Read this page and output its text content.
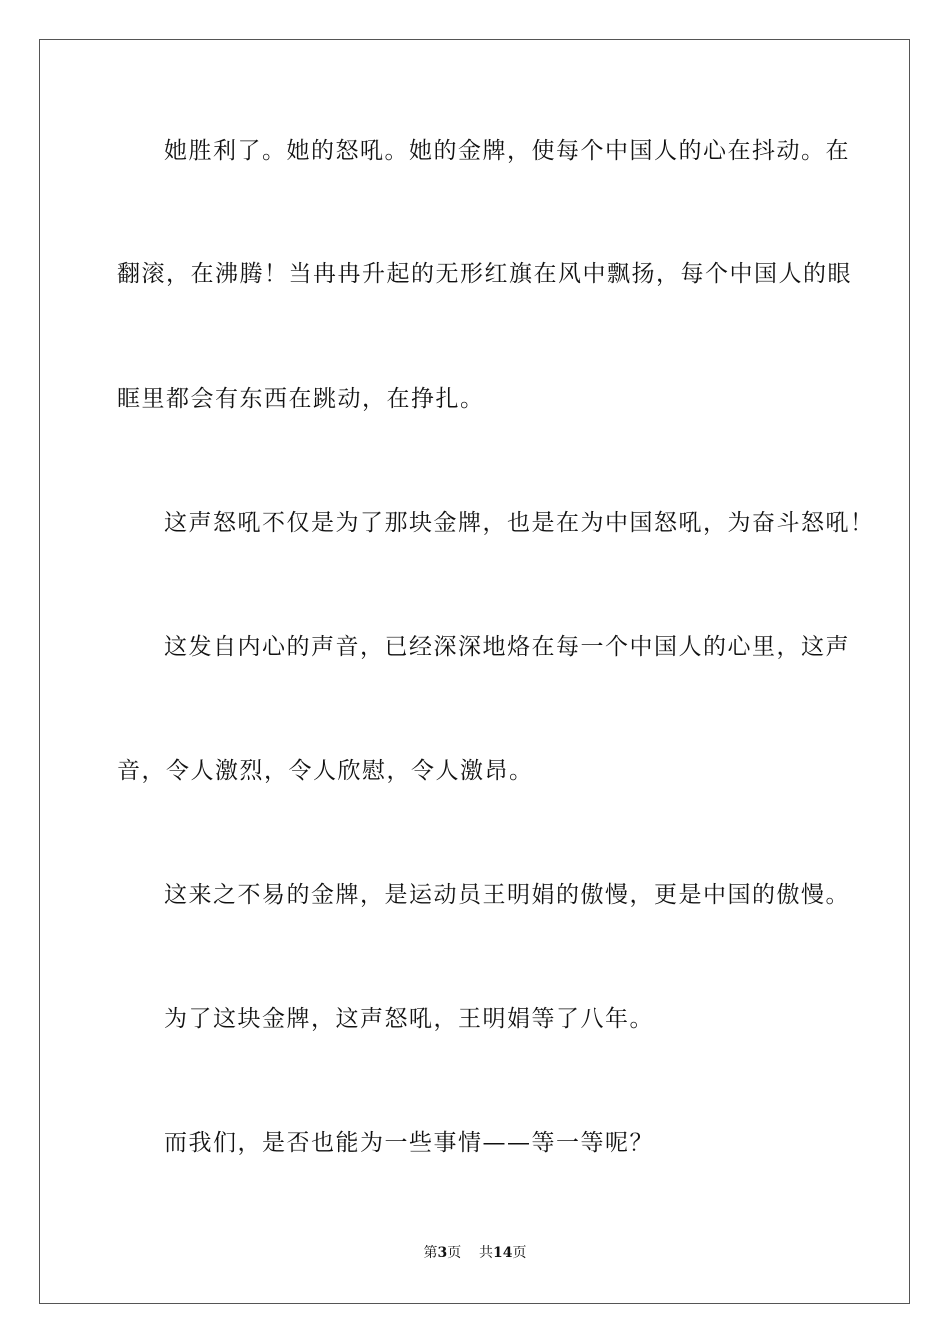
她胜利了。她的怒吼。她的金牌，使每个中国人的心在抖动。在
翻滚，在沸腾！当冉冉升起的无形红旗在风中飘扬，每个中国人的眼
眶里都会有东西在跳动，在挣扎。
这声怒吼不仅是为了那块金牌，也是在为中国怒吼，为奋斗怒吼！
这发自内心的声音，已经深深地烙在每一个中国人的心里，这声
音，令人激烈，令人欣慰，令人激昂。
这来之不易的金牌，是运动员王明娟的傲慢，更是中国的傲慢。
为了这块金牌，这声怒吼，王明娟等了八年。
而我们，是否也能为一些事情——等一等呢？
第3页 共14页
